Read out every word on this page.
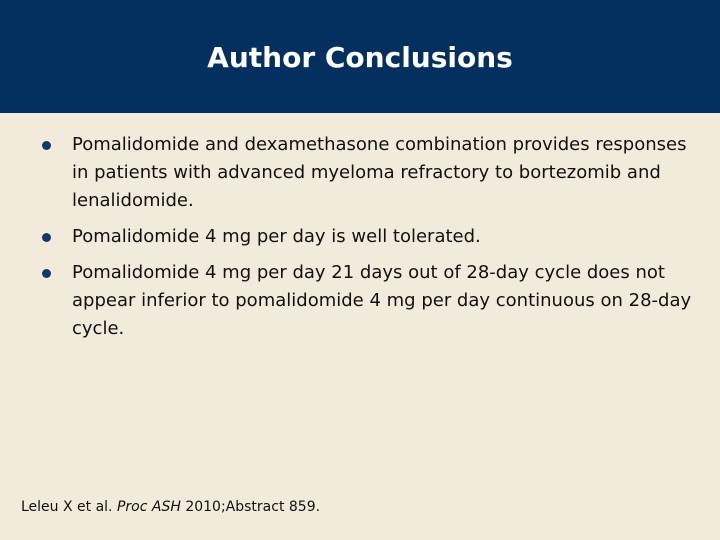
Author Conclusions
Pomalidomide and dexamethasone combination provides responses in patients with advanced myeloma refractory to bortezomib and lenalidomide.
Pomalidomide 4 mg per day is well tolerated.
Pomalidomide 4 mg per day 21 days out of 28-day cycle does not appear inferior to pomalidomide 4 mg per day continuous on 28-day cycle.

Leleu X et al. Proc ASH 2010;Abstract 859.
